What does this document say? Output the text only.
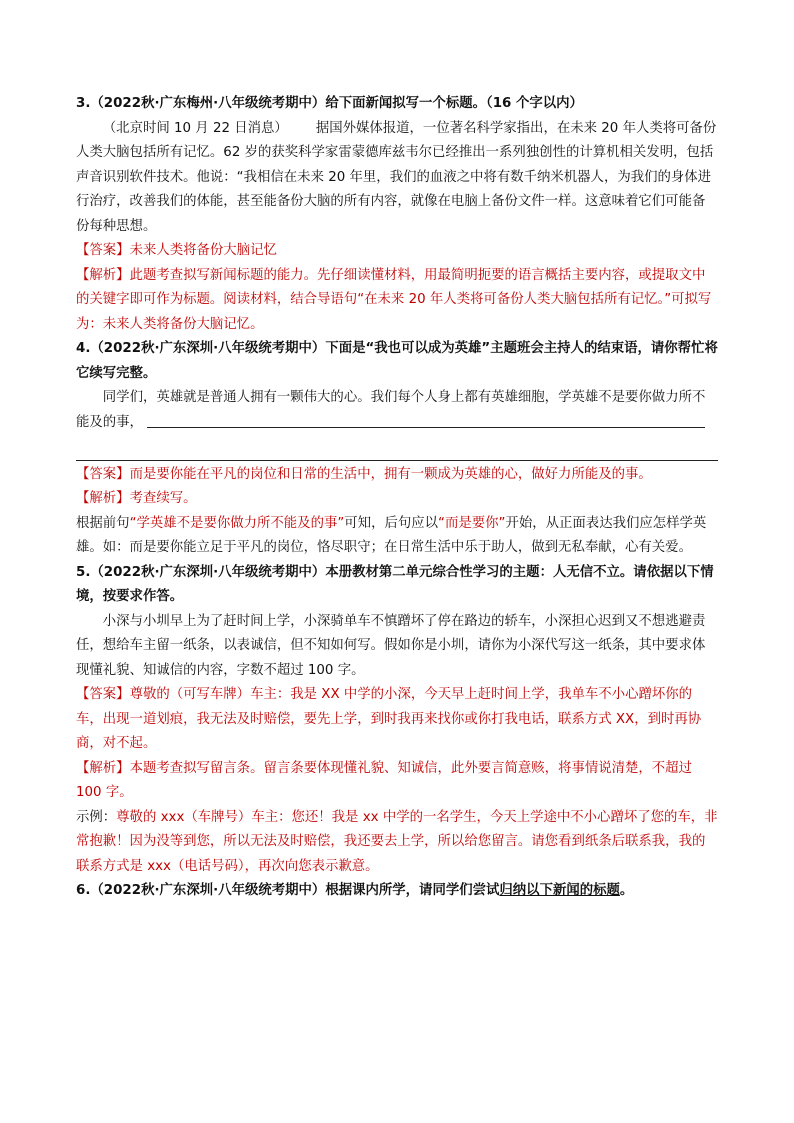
3.（2022秋·广东梅州·八年级统考期中）给下面新闻拟写一个标题。（16 个字以内）

（北京时间 10 月 22 日消息） 据国外媒体报道，一位著名科学家指出，在未来 20 年人类将可备份人类大脑包括所有记忆。62 岁的获奖科学家雷蒙德库兹韦尔已经推出一系列独创性的计算机相关发明，包括声音识别软件技术。他说：“我相信在未来 20 年里，我们的血液之中将有数千纳米机器人，为我们的身体进行治疗，改善我们的体能，甚至能备份大脑的所有内容，就像在电脑上备份文件一样。这意味着它们可能备份每种思想。

【答案】未来人类将备份大脑记忆

【解析】此题考查拟写新闻标题的能力。先仔细读懂材料，用最简明扼要的语言概括主要内容，或提取文中的关键字即可作为标题。阅读材料，结合导语句“在未来 20 年人类将可备份人类大脑包括所有记忆。”可拟写为：未来人类将备份大脑记忆。

4.（2022秋·广东深圳·八年级统考期中）下面是“我也可以成为英雄”主题班会主持人的结束语，请你帮忙将它续写完整。

同学们，英雄就是普通人拥有一颗伟大的心。我们每个人身上都有英雄细胞，学英雄不是要你做力所不能及的事，

【答案】而是要你能在平凡的岗位和日常的生活中，拥有一颗成为英雄的心，做好力所能及的事。

【解析】考查续写。

根据前句“学英雄不是要你做力所不能及的事”可知，后句应以“而是要你”开始，从正面表达我们应怎样学英雄。如：而是要你能立足于平凡的岗位，恪尽职守；在日常生活中乐于助人，做到无私奉献，心有关爱。

5.（2022秋·广东深圳·八年级统考期中）本册教材第二单元综合性学习的主题：人无信不立。请依据以下情境，按要求作答。

小深与小圳早上为了赶时间上学，小深骑单车不慎蹭坏了停在路边的轿车，小深担心迟到又不想逃避责任，想给车主留一纸条，以表诚信，但不知如何写。假如你是小圳，请你为小深代写这一纸条，其中要求体现懂礼貌、知诚信的内容，字数不超过 100 字。

【答案】尊敬的（可写车牌）车主：我是 XX 中学的小深，今天早上赶时间上学，我单车不小心蹭坏你的车，出现一道划痕，我无法及时赔偿，要先上学，到时我再来找你或你打我电话，联系方式 XX，到时再协商，对不起。

【解析】本题考查拟写留言条。留言条要体现懂礼貌、知诚信，此外要言简意赅，将事情说清楚，不超过 100 字。

示例：尊敬的 xxx（车牌号）车主：您还！我是 xx 中学的一名学生，今天上学途中不小心蹭坏了您的车，非常抱歉！因为没等到您，所以无法及时赔偿，我还要去上学，所以给您留言。请您看到纸条后联系我，我的联系方式是 xxx（电话号码），再次向您表示歉意。

6.（2022秋·广东深圳·八年级统考期中）根据课内所学，请同学们尝试归纳以下新闻的标题。
